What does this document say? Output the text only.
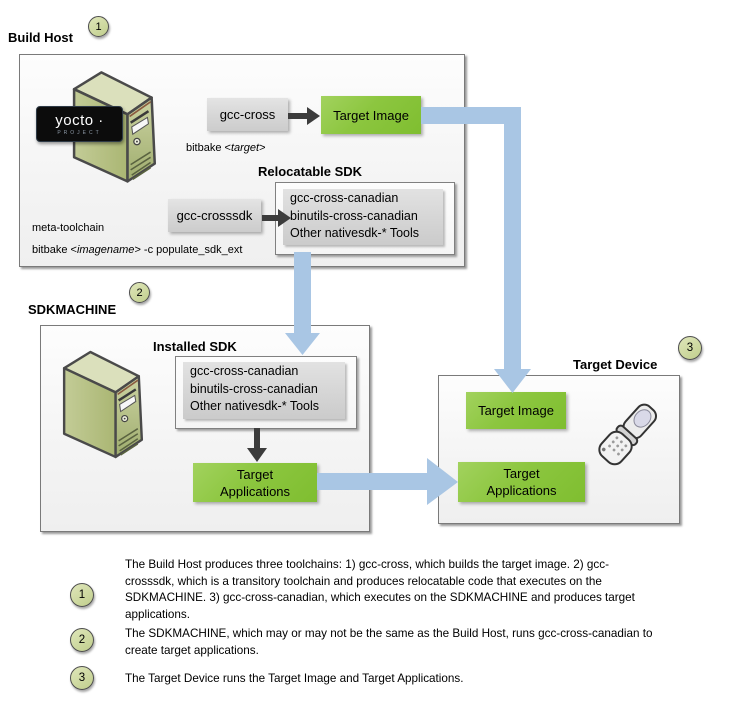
1
Build Host
yocto ·
PROJECT
gcc-cross	Target Image
bitbake <target>
Relocatable SDK
gcc-cross-canadian
binutils-cross-canadian
Other nativesdk-* Tools
gcc-crosssdk
meta-toolchain
bitbake <imagename> -c populate_sdk_ext
2
SDKMACHINE
Installed SDK
gcc-cross-canadian
binutils-cross-canadian
Other nativesdk-* Tools
Target
Applications
3
Target Device
Target Image
Target
Applications
1
The Build Host produces three toolchains: 1) gcc-cross, which builds the target image. 2) gcc-
crosssdk, which is a transitory toolchain and produces relocatable code that executes on the
SDKMACHINE. 3) gcc-cross-canadian, which executes on the SDKMACHINE and produces target
applications.
2	The SDKMACHINE, which may or may not be the same as the Build Host, runs gcc-cross-canadian to
create target applications.
3	The Target Device runs the Target Image and Target Applications.
